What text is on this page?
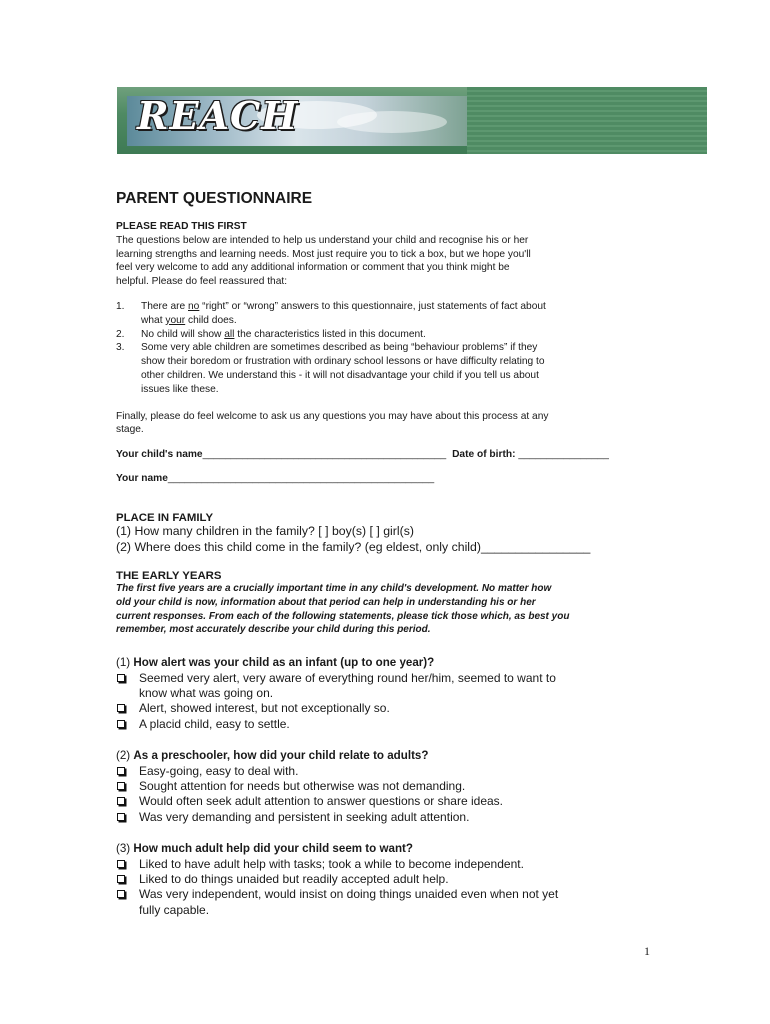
REACH
PARENT QUESTIONNAIRE

PLEASE READ THIS FIRST

The questions below are intended to help us understand your child and recognise his or her
learning strengths and learning needs. Most just require you to tick a box, but we hope you'll
feel very welcome to add any additional information or comment that you think might be
helpful. Please do feel reassured that:

1. There are no “right” or “wrong” answers to this questionnaire, just statements of fact about
what your child does.
2. No child will show all the characteristics listed in this document.
3. Some very able children are sometimes described as being “behaviour problems” if they
show their boredom or frustration with ordinary school lessons or have difficulty relating to
other children. We understand this - it will not disadvantage your child if you tell us about
issues like these.

Finally, please do feel welcome to ask us any questions you may have about this process at any
stage.

Your child's name___________________________________________ Date of birth: ________________

Your name_______________________________________________

PLACE IN FAMILY

(1) How many children in the family? [ ] boy(s) [ ] girl(s)

(2) Where does this child come in the family? (eg eldest, only child)________________

THE EARLY YEARS

The first five years are a crucially important time in any child's development. No matter how
old your child is now, information about that period can help in understanding his or her
current responses. From each of the following statements, please tick those which, as best you
remember, most accurately describe your child during this period.

(1) How alert was your child as an infant (up to one year)?

Seemed very alert, very aware of everything round her/him, seemed to want to
know what was going on.
Alert, showed interest, but not exceptionally so.
A placid child, easy to settle.

(2) As a preschooler, how did your child relate to adults?

Easy-going, easy to deal with.
Sought attention for needs but otherwise was not demanding.
Would often seek adult attention to answer questions or share ideas.
Was very demanding and persistent in seeking adult attention.

(3) How much adult help did your child seem to want?

Liked to have adult help with tasks; took a while to become independent.
Liked to do things unaided but readily accepted adult help.
Was very independent, would insist on doing things unaided even when not yet
fully capable.
1
